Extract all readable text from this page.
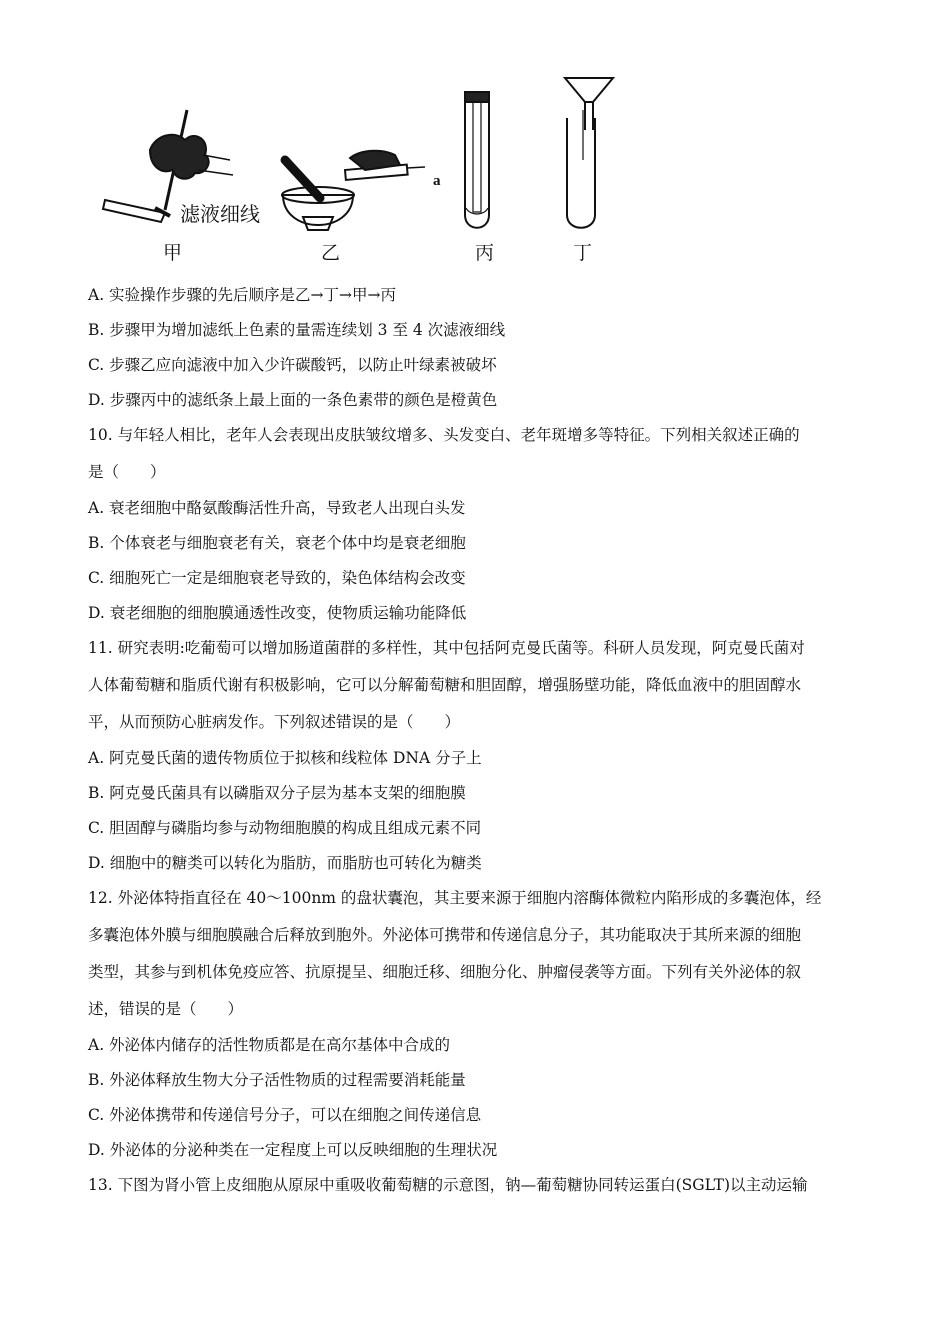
滤液细线
a
甲	乙	丙	丁
A. 实验操作步骤的先后顺序是乙→丁→甲→丙
B. 步骤甲为增加滤纸上色素的量需连续划 3 至 4 次滤液细线
C. 步骤乙应向滤液中加入少许碳酸钙，以防止叶绿素被破坏
D. 步骤丙中的滤纸条上最上面的一条色素带的颜色是橙黄色
10. 与年轻人相比，老年人会表现出皮肤皱纹增多、头发变白、老年斑增多等特征。下列相关叙述正确的
是（　　）
A. 衰老细胞中酪氨酸酶活性升高，导致老人出现白头发
B. 个体衰老与细胞衰老有关，衰老个体中均是衰老细胞
C. 细胞死亡一定是细胞衰老导致的，染色体结构会改变
D. 衰老细胞的细胞膜通透性改变，使物质运输功能降低
11. 研究表明:吃葡萄可以增加肠道菌群的多样性，其中包括阿克曼氏菌等。科研人员发现，阿克曼氏菌对
人体葡萄糖和脂质代谢有积极影响，它可以分解葡萄糖和胆固醇，增强肠壁功能，降低血液中的胆固醇水
平，从而预防心脏病发作。下列叙述错误的是（　　）
A. 阿克曼氏菌的遗传物质位于拟核和线粒体 DNA 分子上
B. 阿克曼氏菌具有以磷脂双分子层为基本支架的细胞膜
C. 胆固醇与磷脂均参与动物细胞膜的构成且组成元素不同
D. 细胞中的糖类可以转化为脂肪，而脂肪也可转化为糖类
12. 外泌体特指直径在 40～100nm 的盘状囊泡，其主要来源于细胞内溶酶体微粒内陷形成的多囊泡体，经
多囊泡体外膜与细胞膜融合后释放到胞外。外泌体可携带和传递信息分子，其功能取决于其所来源的细胞
类型，其参与到机体免疫应答、抗原提呈、细胞迁移、细胞分化、肿瘤侵袭等方面。下列有关外泌体的叙
述，错误的是（　　）
A. 外泌体内储存的活性物质都是在高尔基体中合成的
B. 外泌体释放生物大分子活性物质的过程需要消耗能量
C. 外泌体携带和传递信号分子，可以在细胞之间传递信息
D. 外泌体的分泌种类在一定程度上可以反映细胞的生理状况
13. 下图为肾小管上皮细胞从原尿中重吸收葡萄糖的示意图，钠—葡萄糖协同转运蛋白(SGLT)以主动运输
